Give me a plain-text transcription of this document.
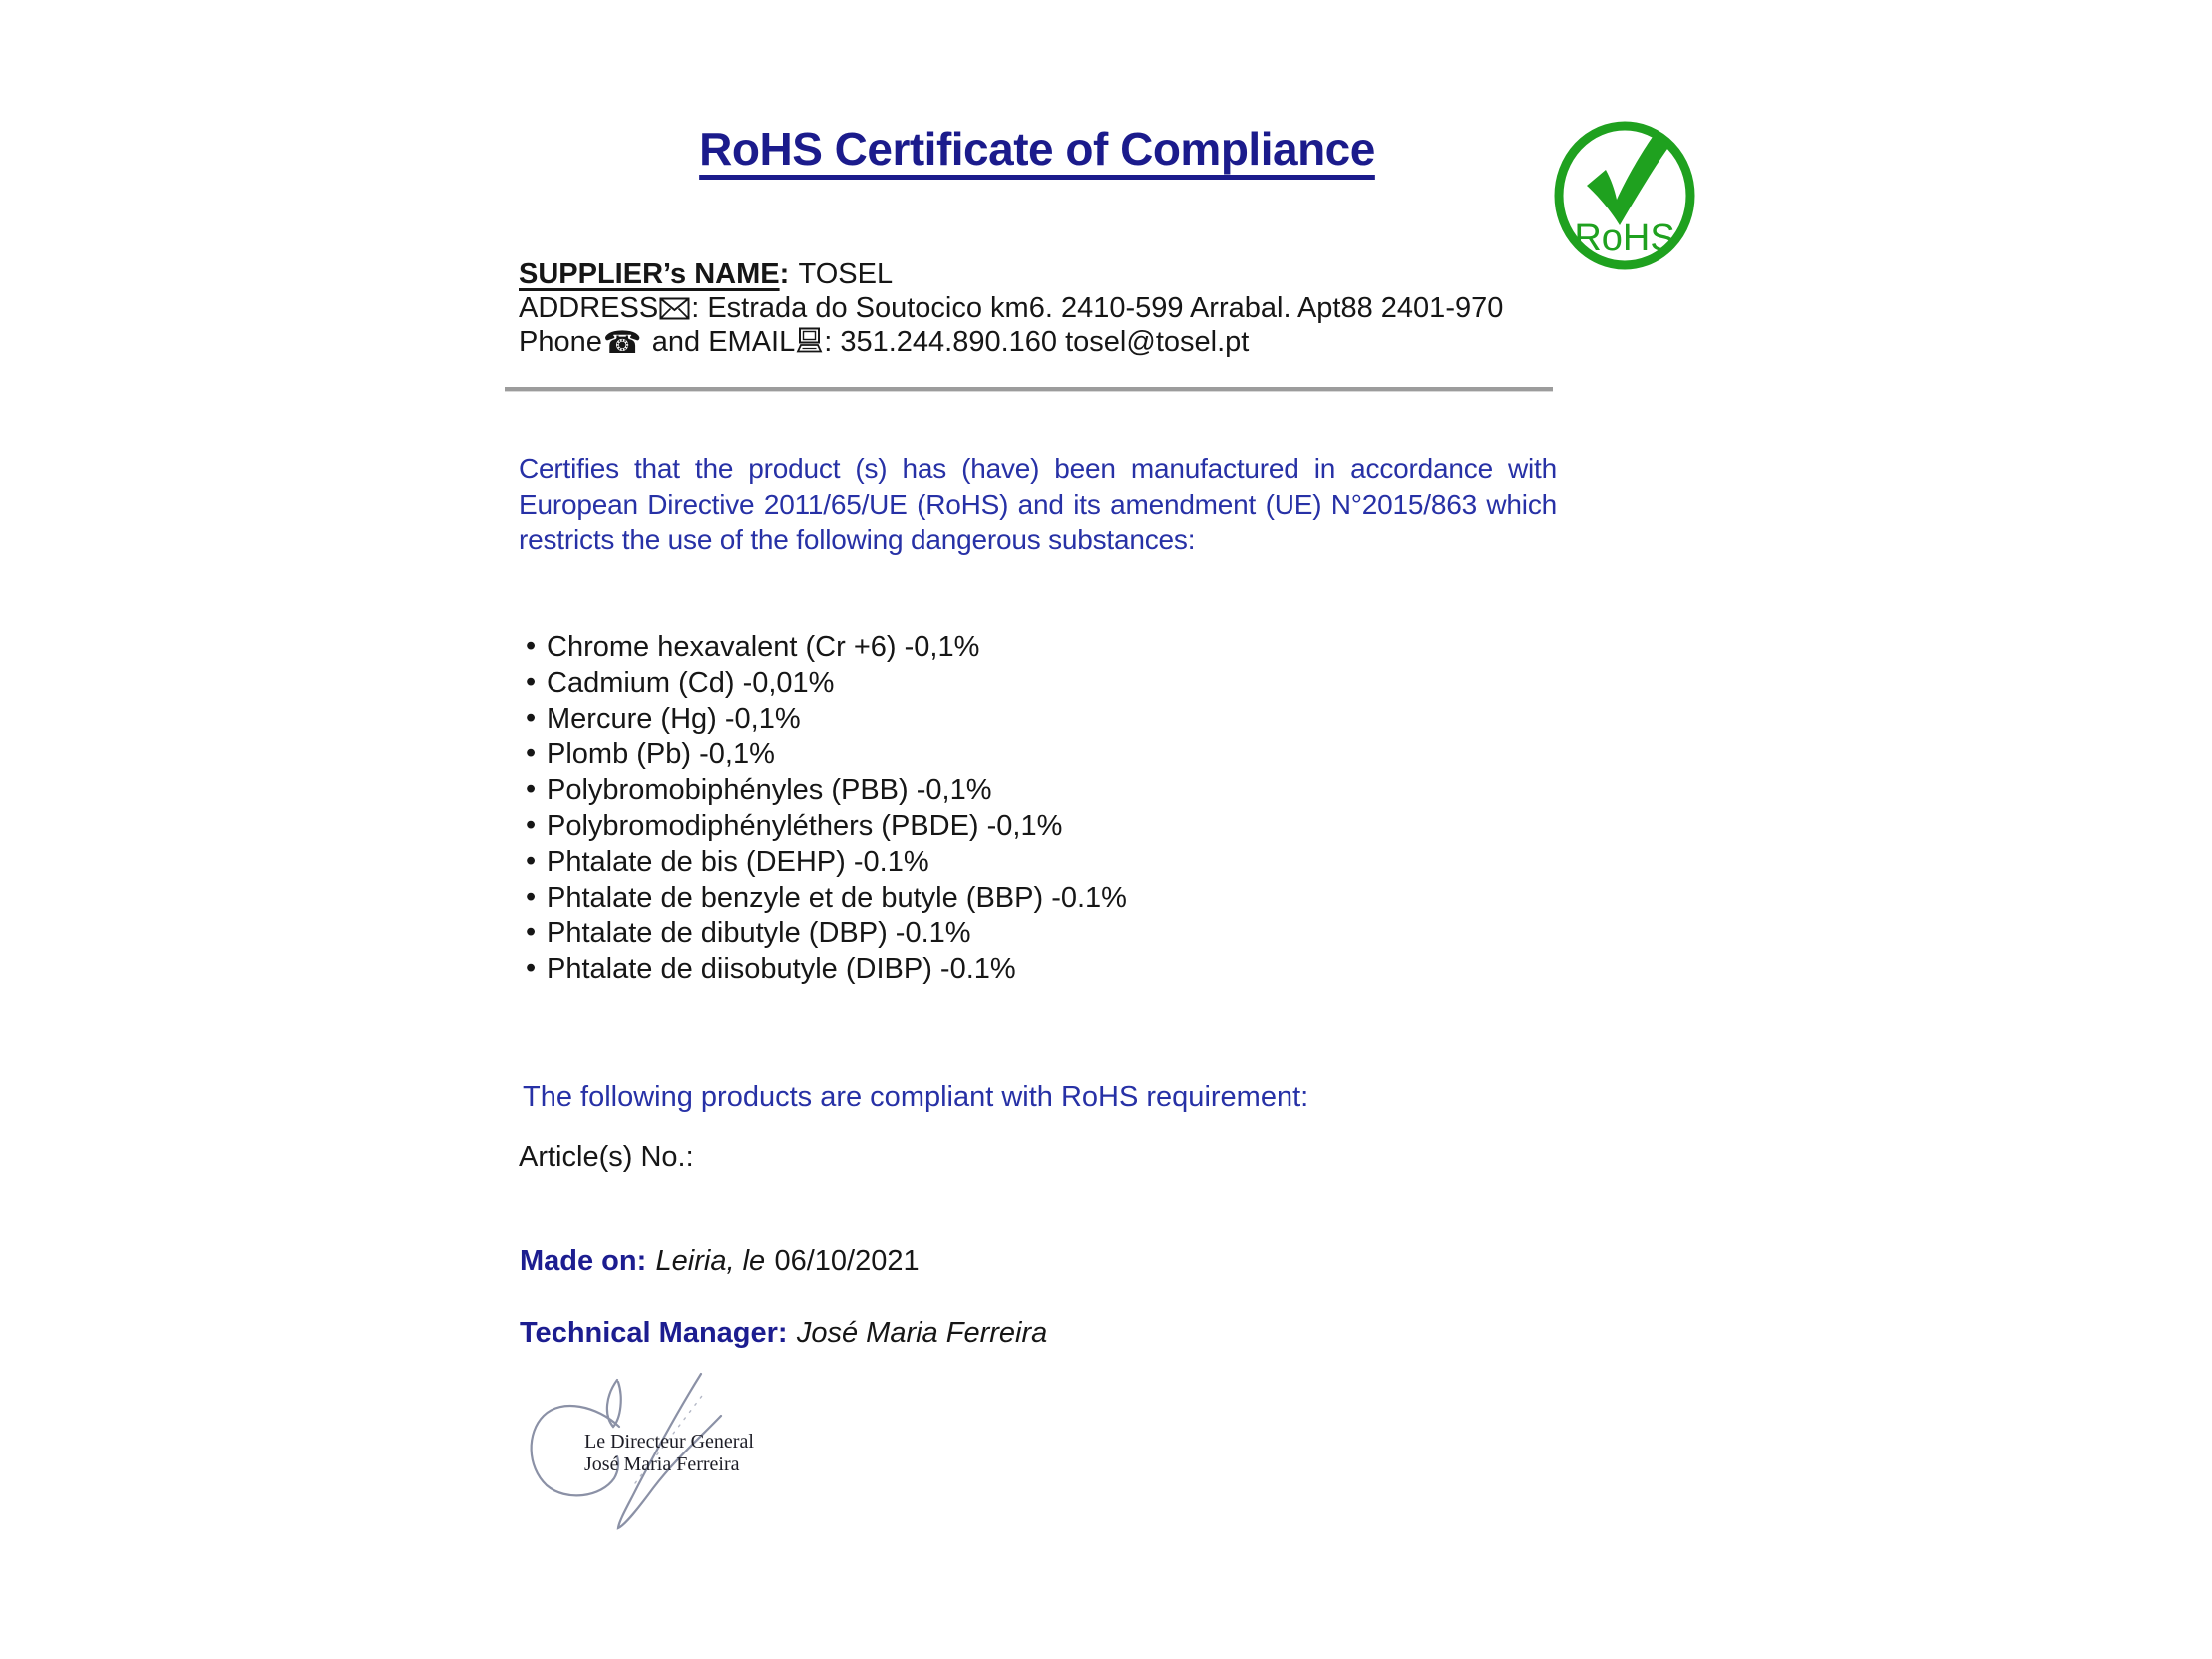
RoHS Certificate of Compliance
RoHS

SUPPLIER’s NAME: TOSEL

ADDRESS : Estrada do Soutocico km6. 2410-599 Arrabal. Apt88 2401-970

Phone☎ and EMAIL : 351.244.890.160 tosel@tosel.pt

Certifies that the product (s) has (have) been manufactured in accordance with European Directive 2011/65/UE (RoHS) and its amendment (UE) N°2015/863 which restricts the use of the following dangerous substances:

• Chrome hexavalent (Cr +6) -0,1%
• Cadmium (Cd) -0,01%
• Mercure (Hg) -0,1%
• Plomb (Pb) -0,1%
• Polybromobiphényles (PBB) -0,1%
• Polybromodiphényléthers (PBDE) -0,1%
• Phtalate de bis (DEHP) -0.1%
• Phtalate de benzyle et de butyle (BBP) -0.1%
• Phtalate de dibutyle (DBP) -0.1%
• Phtalate de diisobutyle (DIBP) -0.1%

The following products are compliant with RoHS requirement:

Article(s) No.:

Made on: Leiria, le 06/10/2021

Technical Manager: José Maria Ferreira

Le Directeur General
José Maria Ferreira
